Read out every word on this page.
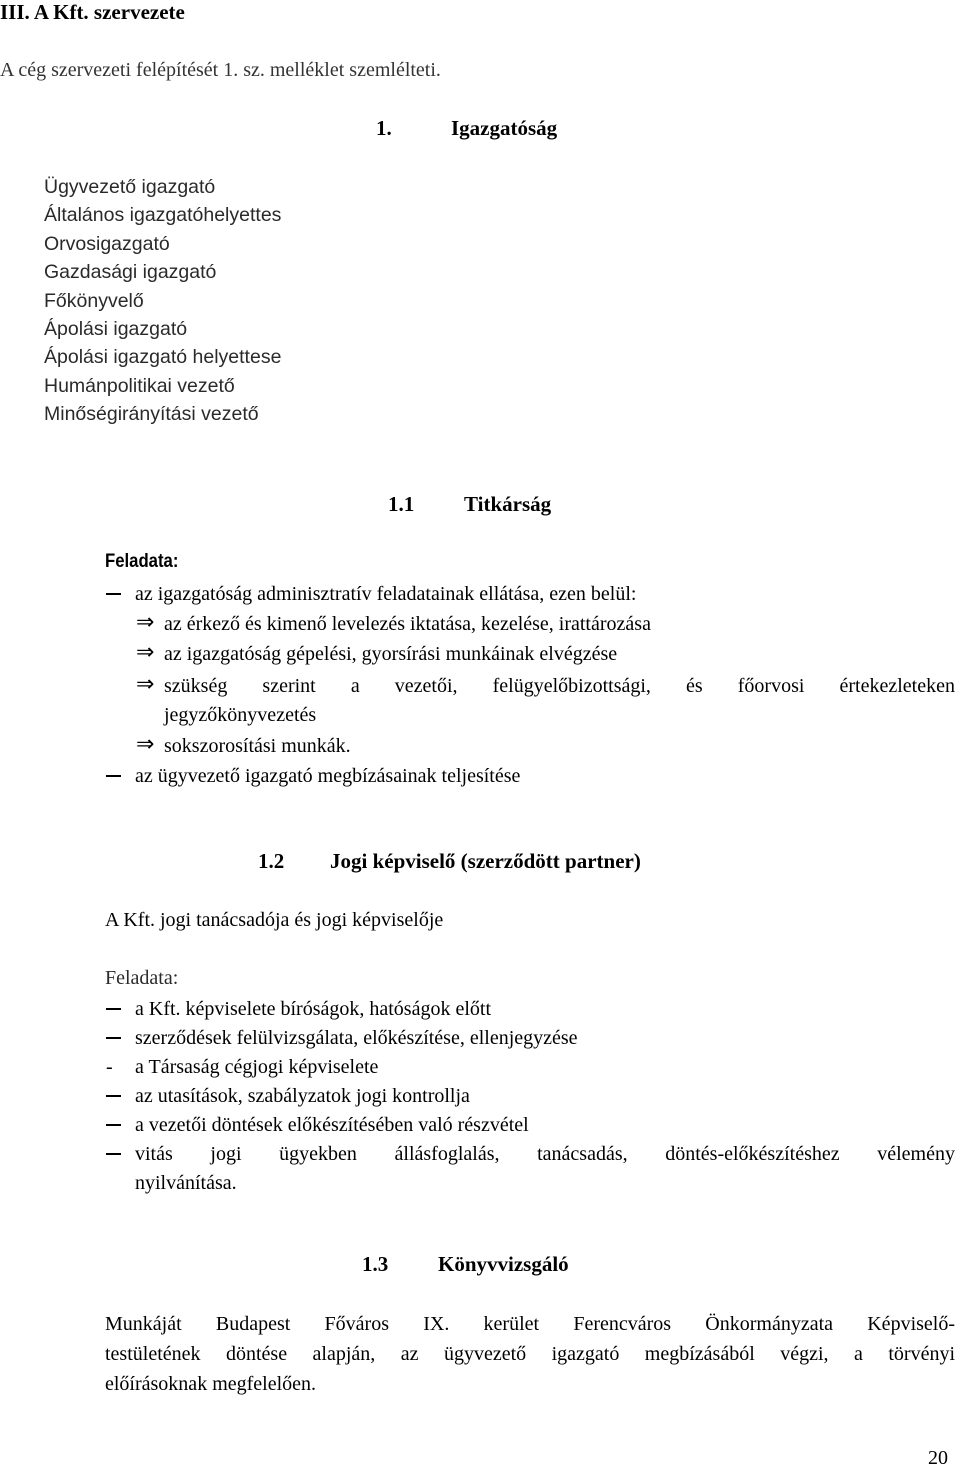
III. A Kft. szervezete
A cég szervezeti felépítését 1. sz. melléklet szemlélteti.
1.	Igazgatóság
Ügyvezető igazgató
Általános igazgatóhelyettes
Orvosigazgató
Gazdasági igazgató
Főkönyvelő
Ápolási igazgató
Ápolási igazgató helyettese
Humánpolitikai vezető
Minőségirányítási vezető
1.1 Titkárság
Feladata:
az igazgatóság adminisztratív feladatainak ellátása, ezen belül:
⇒ az érkező és kimenő levelezés iktatása, kezelése, irattározása
⇒ az igazgatóság gépelési, gyorsírási munkáinak elvégzése
⇒ szükség szerint a vezetői, felügyelőbizottsági, és főorvosi értekezleteken
jegyzőkönyvezetés
⇒ sokszorosítási munkák.
az ügyvezető igazgató megbízásainak teljesítése
1.2 Jogi képviselő (szerződött partner)
A Kft. jogi tanácsadója és jogi képviselője
Feladata:
a Kft. képviselete bíróságok, hatóságok előtt
szerződések felülvizsgálata, előkészítése, ellenjegyzése
- a Társaság cégjogi képviselete
az utasítások, szabályzatok jogi kontrollja
a vezetői döntések előkészítésében való részvétel
vitás jogi ügyekben állásfoglalás, tanácsadás, döntés-előkészítéshez vélemény
nyilvánítása.
1.3 Könyvvizsgáló
Munkáját Budapest Főváros IX. kerület Ferencváros Önkormányzata Képviselő-
testületének döntése alapján, az ügyvezető igazgató megbízásából végzi, a törvényi
előírásoknak megfelelően.
20
